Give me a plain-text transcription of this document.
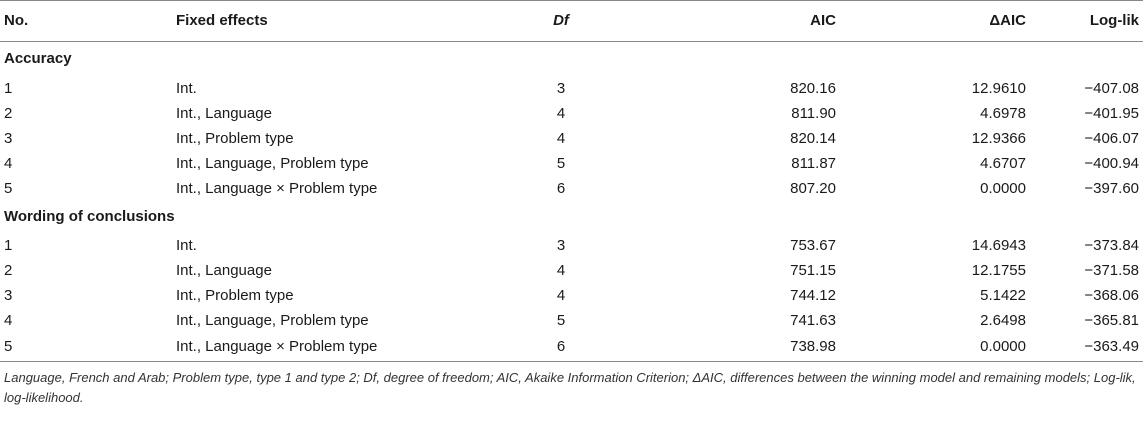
No.	Fixed effects	Df	AIC	ΔAIC	Log-lik
Accuracy					
1	Int.	3	820.16	12.9610	−407.08
2	Int., Language	4	811.90	4.6978	−401.95
3	Int., Problem type	4	820.14	12.9366	−406.07
4	Int., Language, Problem type	5	811.87	4.6707	−400.94
5	Int., Language × Problem type	6	807.20	0.0000	−397.60
Wording of conclusions					
1	Int.	3	753.67	14.6943	−373.84
2	Int., Language	4	751.15	12.1755	−371.58
3	Int., Problem type	4	744.12	5.1422	−368.06
4	Int., Language, Problem type	5	741.63	2.6498	−365.81
5	Int., Language × Problem type	6	738.98	0.0000	−363.49
Language, French and Arab; Problem type, type 1 and type 2; Df, degree of freedom; AIC, Akaike Information Criterion; ΔAIC, differences between the winning model and remaining models; Log-lik, log-likelihood.
